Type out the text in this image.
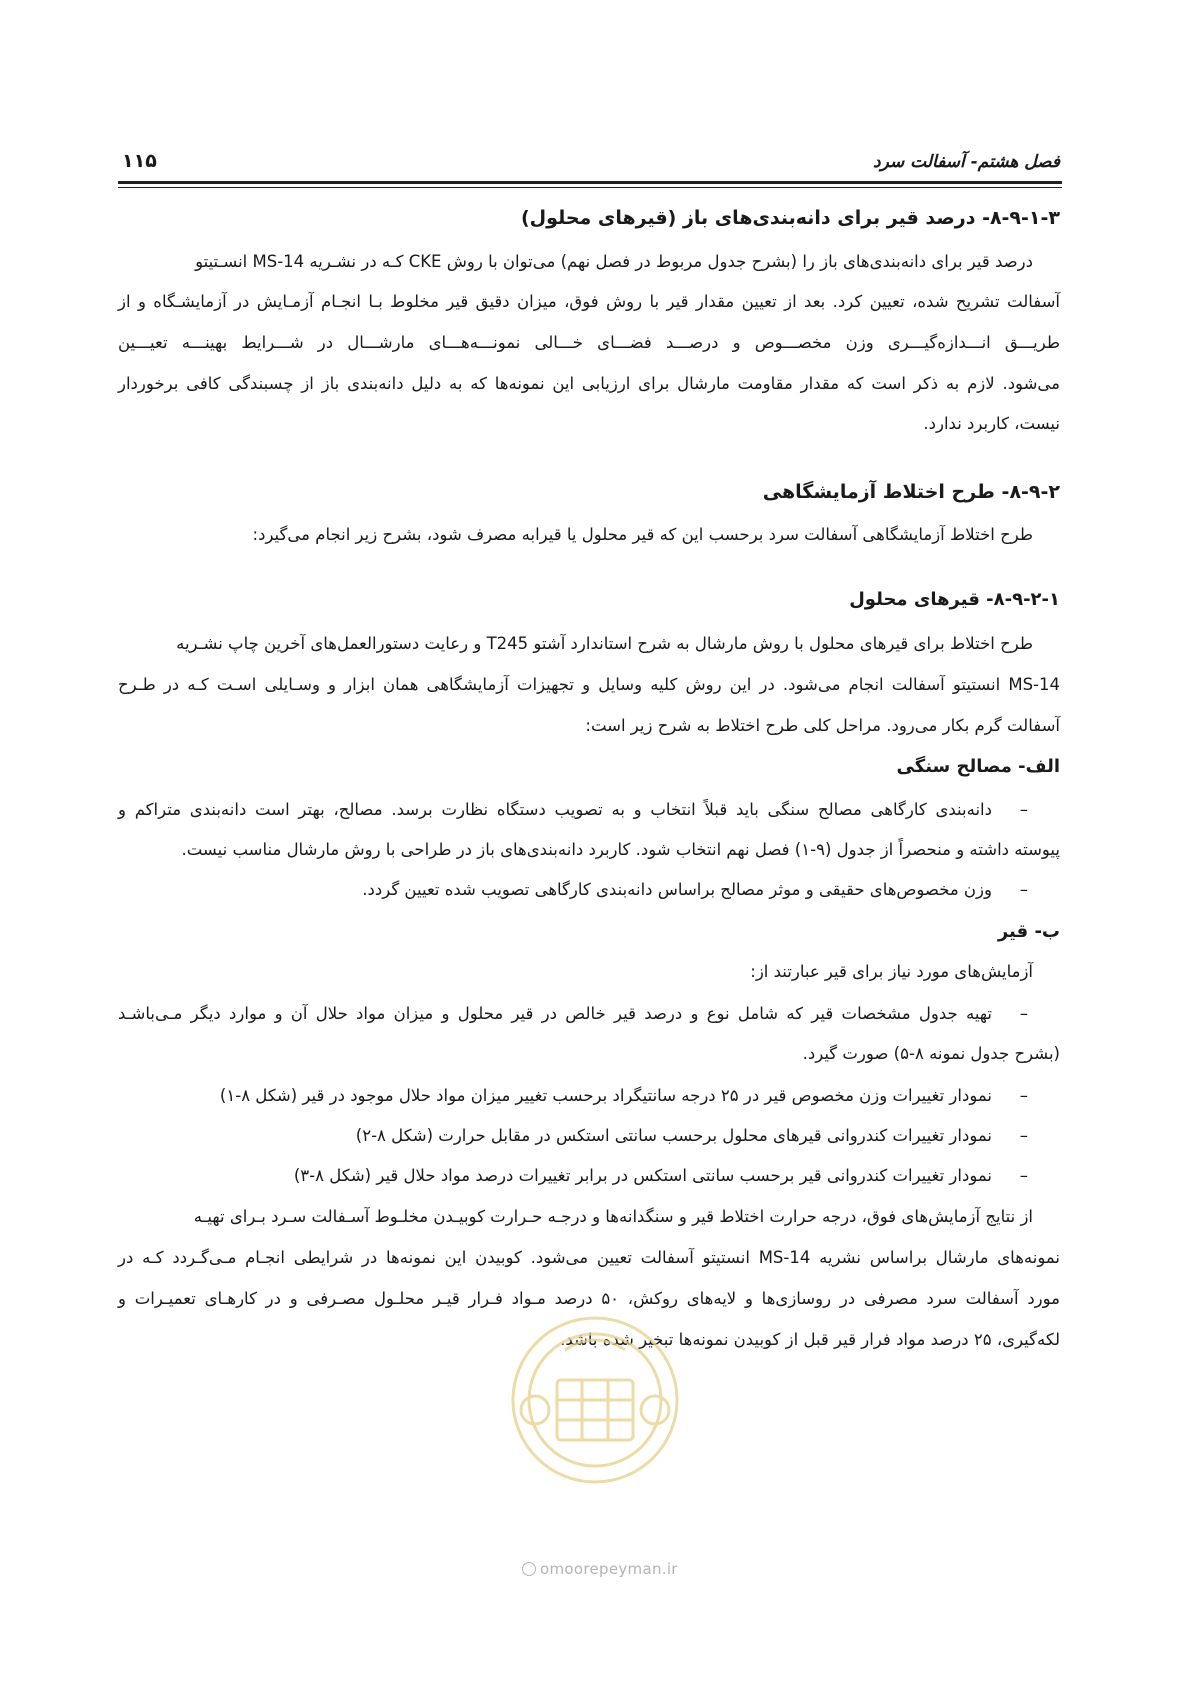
فصل هشتم- آسفالت سرد
۱۱۵
۸-۹-۱-۳- درصد قیر برای دانه‌بندی‌های باز (قیرهای محلول)
درصد قیر برای دانه‌بندی‌های باز را (بشرح جدول مربوط در فصل نهم) می‌توان با روش CKE کـه در نشـریه MS-14 انسـتیتو
آسفالت تشریح شده، تعیین کرد. بعد از تعیین مقدار قیر با روش فوق، میزان دقیق قیر مخلوط بـا انجـام آزمـایش در آزمایشـگاه و از
طریـــق انـــدازه‌گیـــری وزن مخصـــوص و درصـــد فضـــای خـــالی نمونـــه‌هـــای مارشـــال در شـــرایط بهینـــه تعیـــین
می‌شود. لازم به ذکر است که مقدار مقاومت مارشال برای ارزیابی این نمونه‌ها که به دلیل دانه‌بندی باز از چسبندگی کافی برخوردار
نیست، کاربرد ندارد.
۸-۹-۲- طرح اختلاط آزمایشگاهی
طرح اختلاط آزمایشگاهی آسفالت سرد برحسب این که قیر محلول یا قیرابه مصرف شود، بشرح زیر انجام می‌گیرد:
۸-۹-۲-۱- قیرهای محلول
طرح اختلاط برای قیرهای محلول با روش مارشال به شرح استاندارد آشتو T245 و رعایت دستورالعمل‌های آخرین چاپ نشـریه
MS-14 انستیتو آسفالت انجام می‌شود. در این روش کلیه وسایل و تجهیزات آزمایشگاهی همان ابزار و وسـایلی اسـت کـه در طـرح
آسفالت گرم بکار می‌رود. مراحل کلی طرح اختلاط به شرح زیر است:
الف- مصالح سنگی
–دانه‌بندی کارگاهی مصالح سنگی باید قبلاً انتخاب و به تصویب دستگاه نظارت برسد. مصالح، بهتر است دانه‌بندی متراکم و
پیوسته داشته و منحصراً از جدول (۹-۱) فصل نهم انتخاب شود. کاربرد دانه‌بندی‌های باز در طراحی با روش مارشال مناسب نیست.
–وزن مخصوص‌های حقیقی و موثر مصالح براساس دانه‌بندی کارگاهی تصویب شده تعیین گردد.
ب- قیر
آزمایش‌های مورد نیاز برای قیر عبارتند از:
–تهیه جدول مشخصات قیر که شامل نوع و درصد قیر خالص در قیر محلول و میزان مواد حلال آن و موارد دیگر مـی‌باشـد
(بشرح جدول نمونه ۸-۵) صورت گیرد.
–نمودار تغییرات وزن مخصوص قیر در ۲۵ درجه سانتیگراد برحسب تغییر میزان مواد حلال موجود در قیر (شکل ۸-۱)
–نمودار تغییرات کندروانی قیرهای محلول برحسب سانتی استکس در مقابل حرارت (شکل ۸-۲)
–نمودار تغییرات کندروانی قیر برحسب سانتی استکس در برابر تغییرات درصد مواد حلال قیر (شکل ۸-۳)
از نتایج آزمایش‌های فوق، درجه حرارت اختلاط قیر و سنگدانه‌ها و درجـه حـرارت کوبیـدن مخلـوط آسـفالت سـرد بـرای تهیـه
نمونه‌های مارشال براساس نشریه MS-14 انستیتو آسفالت تعیین می‌شود. کوبیدن این نمونه‌ها در شرایطی انجـام مـی‌گـردد کـه در
مورد آسفالت سرد مصرفی در روسازی‌ها و لایه‌های روکش، ۵۰ درصد مـواد فـرار قیـر محلـول مصـرفی و در کارهـای تعمیـرات و
لکه‌گیری، ۲۵ درصد مواد فرار قیر قبل از کوبیدن نمونه‌ها تبخیر شده باشد.
omoorepeyman.ir
